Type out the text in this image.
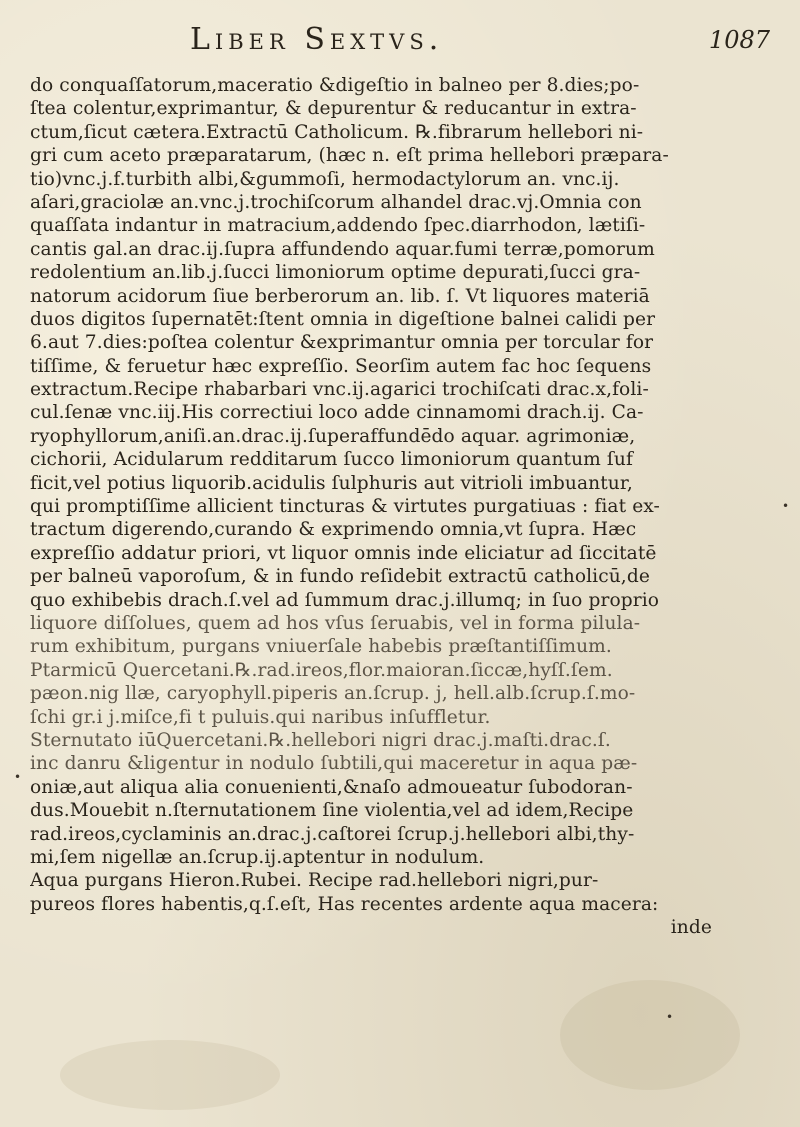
Liber Sextvs.	1087
•
•
•
do conquaſſatorum,maceratio &digeſtio in balneo per 8.dies;po-
ſtea colentur,exprimantur, & depurentur & reducantur in extra-
ctum,ſicut cætera.Extractū Catholicum. ℞.fibrarum hellebori ni-
gri cum aceto præparatarum, (hæc n. eſt prima hellebori præpara-
tio)vnc.j.f.turbith albi,&gummoſi, hermodactylorum an. vnc.ij.
aſari,graciolæ an.vnc.j.trochiſcorum alhandel drac.vj.Omnia con
quaſſata indantur in matracium,addendo ſpec.diarrhodon, lætiſi-
cantis gal.an drac.ij.ſupra affundendo aquar.fumi terræ,pomorum
redolentium an.lib.j.ſucci limoniorum optime depurati,ſucci gra-
natorum acidorum ſiue berberorum an. lib. ſ. Vt liquores materiā
duos digitos ſupernatēt:ſtent omnia in digeſtione balnei calidi per
6.aut 7.dies:poſtea colentur &exprimantur omnia per torcular for
tiſſime, & feruetur hæc expreſſio. Seorſim autem fac hoc ſequens
extractum.Recipe rhabarbari vnc.ij.agarici trochiſcati drac.x,foli-
cul.ſenæ vnc.iij.His correctiui loco adde cinnamomi drach.ij. Ca-
ryophyllorum,aniſi.an.drac.ij.ſuperaffundēdo aquar. agrimoniæ,
cichorii, Acidularum redditarum ſucco limoniorum quantum ſuf
ficit,vel potius liquorib.acidulis ſulphuris aut vitrioli imbuantur,
qui promptiſſime allicient tincturas & virtutes purgatiuas : fiat ex-
tractum digerendo,curando & exprimendo omnia,vt ſupra. Hæc
expreſſio addatur priori, vt liquor omnis inde eliciatur ad ſiccitatē
per balneū vaporoſum, & in fundo reſidebit extractū catholicū,de
quo exhibebis drach.ſ.vel ad ſummum drac.j.illumq; in ſuo proprio
liquore diſſolues, quem ad hos vſus ſeruabis, vel in forma pilula-
rum exhibitum, purgans vniuerſale habebis præſtantiſſimum.
Ptarmicū Quercetani.℞.rad.ireos,flor.maioran.ſiccæ,hyſſ.ſem.
pæon.nig llæ, caryophyll.piperis an.ſcrup. j, hell.alb.ſcrup.ſ.mo-
ſchi gr.i j.miſce,fi t puluis.qui naribus inſuffletur.
Sternutato iūQuercetani.℞.hellebori nigri drac.j.maſti.drac.ſ.
inc danru &ligentur in nodulo ſubtili,qui maceretur in aqua pæ-
oniæ,aut aliqua alia conuenienti,&naſo admoueatur ſubodoran-
dus.Mouebit n.ſternutationem ſine violentia,vel ad idem,Recipe
rad.ireos,cyclaminis an.drac.j.caſtorei ſcrup.j.hellebori albi,thy-
mi,ſem nigellæ an.ſcrup.ij.aptentur in nodulum.
Aqua purgans Hieron.Rubei. Recipe rad.hellebori nigri,pur-
pureos flores habentis,q.ſ.eſt, Has recentes ardente aqua macera:
inde
